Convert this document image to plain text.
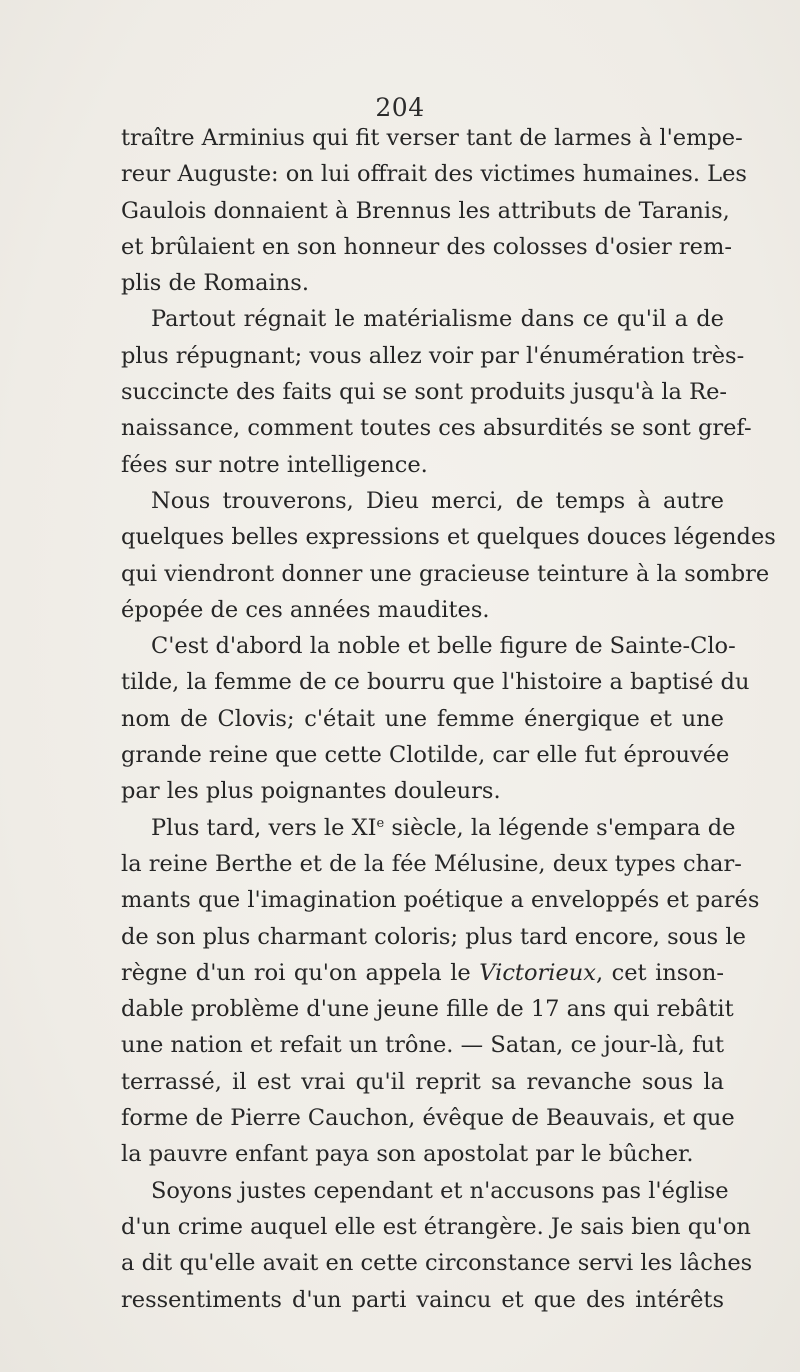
204
traître Arminius qui fit verser tant de larmes à l'empe-
reur Auguste: on lui offrait des victimes humaines. Les
Gaulois donnaient à Brennus les attributs de Taranis,
et brûlaient en son honneur des colosses d'osier rem-
plis de Romains.
Partout régnait le matérialisme dans ce qu'il a de
plus répugnant; vous allez voir par l'énumération très-
succincte des faits qui se sont produits jusqu'à la Re-
naissance, comment toutes ces absurdités se sont gref-
fées sur notre intelligence.
Nous trouverons, Dieu merci, de temps à autre
quelques belles expressions et quelques douces légendes
qui viendront donner une gracieuse teinture à la sombre
épopée de ces années maudites.
C'est d'abord la noble et belle figure de Sainte-Clo-
tilde, la femme de ce bourru que l'histoire a baptisé du
nom de Clovis; c'était une femme énergique et une
grande reine que cette Clotilde, car elle fut éprouvée
par les plus poignantes douleurs.
Plus tard, vers le XIe siècle, la légende s'empara de
la reine Berthe et de la fée Mélusine, deux types char-
mants que l'imagination poétique a enveloppés et parés
de son plus charmant coloris; plus tard encore, sous le
règne d'un roi qu'on appela le Victorieux, cet inson-
dable problème d'une jeune fille de 17 ans qui rebâtit
une nation et refait un trône. — Satan, ce jour-là, fut
terrassé, il est vrai qu'il reprit sa revanche sous la
forme de Pierre Cauchon, évêque de Beauvais, et que
la pauvre enfant paya son apostolat par le bûcher.
Soyons justes cependant et n'accusons pas l'église
d'un crime auquel elle est étrangère. Je sais bien qu'on
a dit qu'elle avait en cette circonstance servi les lâches
ressentiments d'un parti vaincu et que des intérêts
